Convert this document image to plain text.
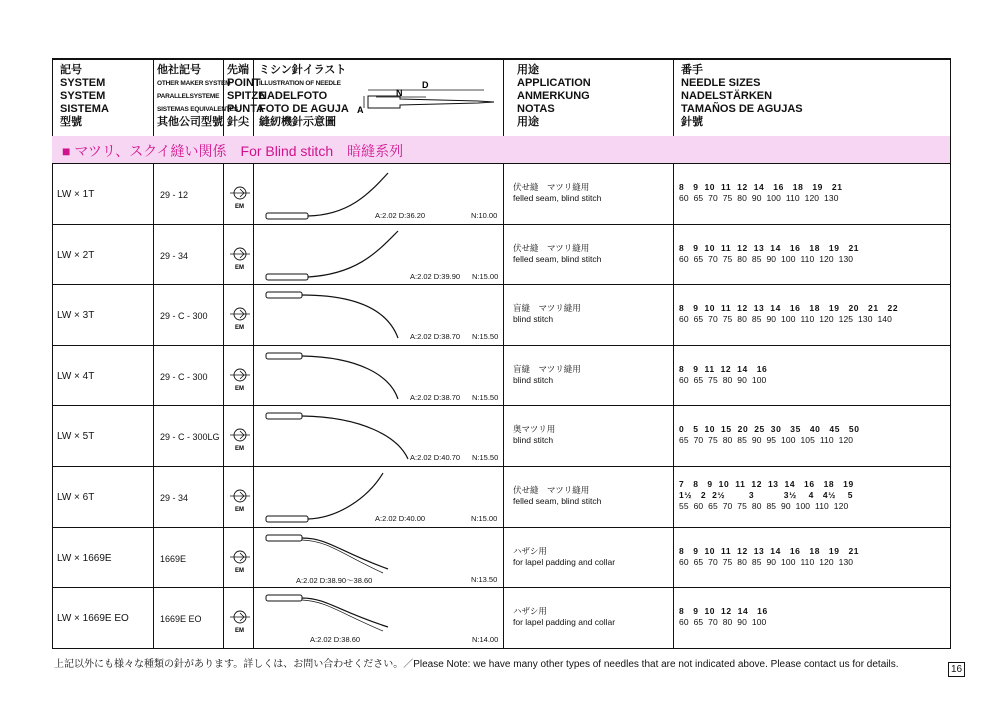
記号
SYSTEM
SYSTEM
SISTEMA
型號
他社記号
OTHER MAKER SYSTEM
PARALLELSYSTEME
SISTEMAS EQUIVALENTES
其他公司型號
先端
POINT
SPITZE
PUNTA
針尖
ミシン針イラスト
ILLUSTRATION OF NEEDLE
NADELFOTO
FOTO DE AGUJA
縫紉機針示意圖
用途
APPLICATION
ANMERKUNG
NOTAS
用途
番手
NEEDLE SIZES
NADELSTÄRKEN
TAMAÑOS DE AGUJAS
針號
D
N
A
■ マツリ、スクイ縫い関係　For Blind stitch　暗縫系列
LW × 1T	29 - 12
EM
A:2.02 D:36.20	N:10.00
伏せ縫　マツリ縫用
felled seam, blind stitch
8   9  10  11  12  14   16   18   19   21
60  65  70  75  80  90  100  110  120  130
LW × 2T	29 - 34
EM
A:2.02 D:39.90 N:15.00
伏せ縫　マツリ縫用
felled seam, blind stitch
8   9  10  11  12  13  14   16   18   19   21
60  65  70  75  80  85  90  100  110  120  130
LW × 3T	29 - C - 300
EM
A:2.02 D:38.70 N:15.50
盲縫　マツリ縫用
blind stitch
8   9  10  11  12  13  14   16   18   19   20   21   22
60  65  70  75  80  85  90  100  110  120  125  130  140
LW × 4T	29 - C - 300
EM
A:2.02 D:38.70 N:15.50
盲縫　マツリ縫用
blind stitch
8   9  11  12  14   16
60  65  75  80  90  100
LW × 5T	29 - C - 300LG
EM
A:2.02 D:40.70 N:15.50
奥マツリ用
blind stitch
0   5  10  15  20  25  30   35   40   45   50
65  70  75  80  85  90  95  100  105  110  120
LW × 6T	29 - 34
EM
A:2.02 D:40.00	N:15.00
伏せ縫　マツリ縫用
felled seam, blind stitch
7   8   9  10  11  12  13  14   16   18   19
1½   2  2½        3          3½    4   4½    5
55  60  65  70  75  80  85  90  100  110  120
LW × 1669E	1669E
EM
A:2.02 D:38.90～38.60	N:13.50
ハザシ用
for lapel padding and collar
8   9  10  11  12  13  14   16   18   19   21
60  65  70  75  80  85  90  100  110  120  130
LW × 1669E EO	1669E EO
EM
A:2.02 D:38.60	N:14.00
ハザシ用
for lapel padding and collar
8   9  10  12  14   16
60  65  70  80  90  100
上記以外にも様々な種類の針があります。詳しくは、お問い合わせください。／Please Note: we have many other types of needles that are not indicated above. Please contact us for details.	16
